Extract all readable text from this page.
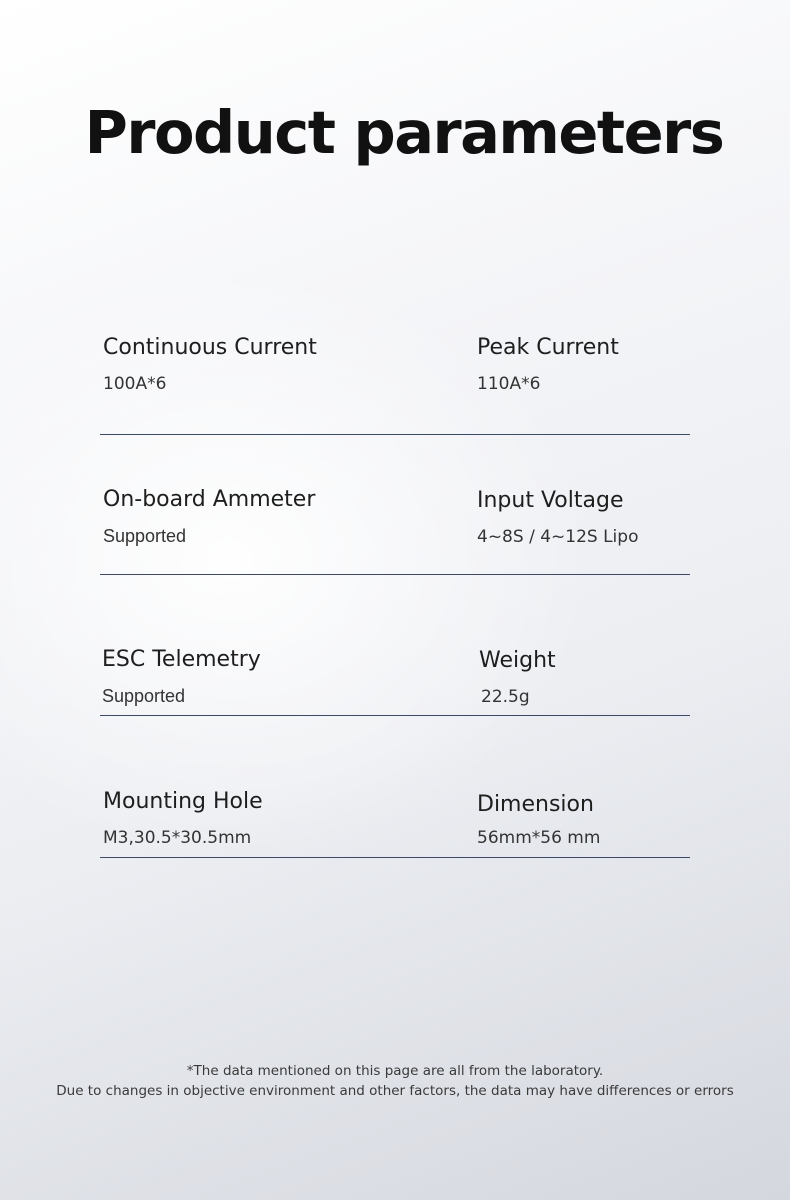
Product parameters
Continuous Current
100A*6
Peak Current
110A*6
On-board Ammeter
Supported
Input Voltage
4~8S / 4~12S Lipo
ESC Telemetry
Supported
Weight
22.5g
Mounting Hole
M3,30.5*30.5mm
Dimension
56mm*56 mm
*The data mentioned on this page are all from the laboratory.
Due to changes in objective environment and other factors, the data may have differences or errors
